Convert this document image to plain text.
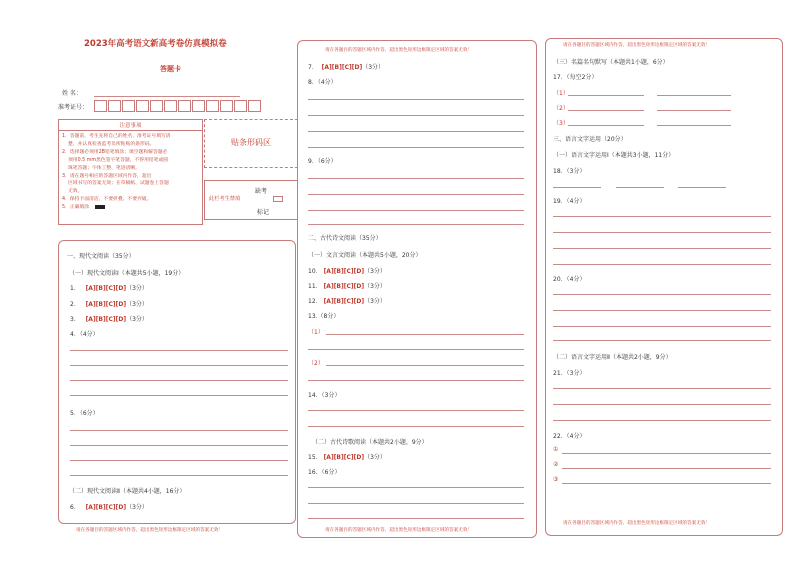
2023年高考语文新高考卷仿真模拟卷
答题卡
姓 名：
准考证号：
注意事项
1．答题前，考生先将自己的姓名、准考证号填写清
楚，并认真检查监考员所粘贴的条形码。
2．选择题必须用2B铅笔填涂；填空题和解答题必
须用0.5 mm黑色签字笔答题，不得用铅笔或圆
珠笔答题；字体工整、笔迹清晰。
3．请在题号相应的答题区域内作答，超出
区域书写的答案无效；在草稿纸、试题卷上答题
无效。
4．保持卡面清洁，不要折叠、不要弄破。
5．正确填涂
贴条形码区
此栏考生禁填
缺考
标记
一、现代文阅读（35分）
（一）现代文阅读Ⅰ（本题共5小题，19分）
1． [A][B][C][D]（3分）
2． [A][B][C][D]（3分）
3． [A][B][C][D]（3分）
4．（4分）
5．（6分）
（二）现代文阅读Ⅱ（本题共4小题，16分）
6． [A][B][C][D]（3分）
请在各题目的答题区域内作答，超出黑色矩形边框限定区域的答案无效！
请在各题目的答题区域内作答，超出黑色矩形边框限定区域的答案无效！
7． [A][B][C][D]（3分）
8．（4分）
9．（6分）
二、古代诗文阅读（35分）
（一）文言文阅读（本题共5小题，20分）
10． [A][B][C][D]（3分）
11． [A][B][C][D]（3分）
12． [A][B][C][D]（3分）
13.（8分）
（1）
（2）
14．（3分）
（二）古代诗歌阅读（本题共2小题，9分）
15． [A][B][C][D]（3分）
16．（6分）
请在各题目的答题区域内作答，超出黑色矩形边框限定区域的答案无效！
请在各题目的答题区域内作答，超出黑色矩形边框限定区域的答案无效！
（三）名篇名句默写（本题共1小题，6分）
17．（每空2分）
（1）
（2）
（3）
三、语言文字运用（20分）
（一）语言文字运用Ⅰ（本题共3小题，11分）
18．（3分）
19．（4分）
20．（4分）
（二）语言文字运用Ⅱ（本题共2小题，9分）
21．（3分）
22．（4分）
①
②
③
请在各题目的答题区域内作答，超出黑色矩形边框限定区域的答案无效！
